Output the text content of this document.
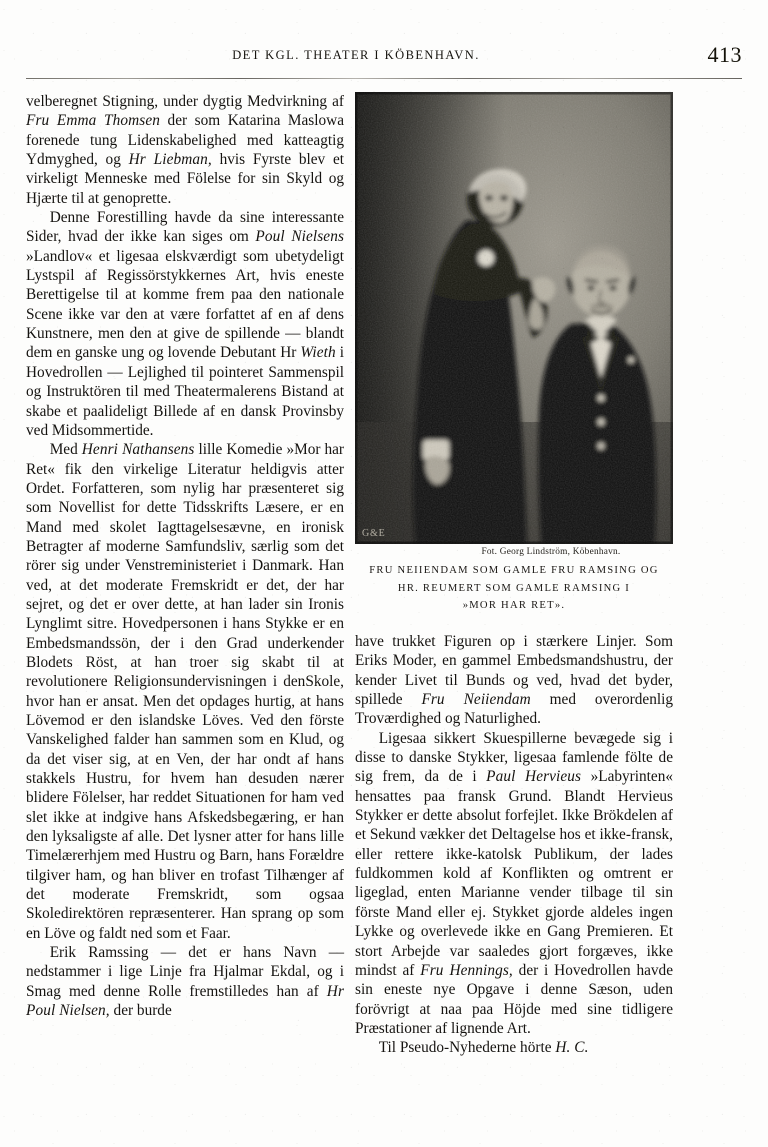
DET KGL. THEATER I KÖBENHAVN.	413

velberegnet Stigning, under dygtig Medvirkning af Fru Emma Thomsen der som Katarina Maslowa forenede tung Lidenskabelighed med katteagtig Ydmyghed, og Hr Liebman, hvis Fyrste blev et virkeligt Menneske med Fölelse for sin Skyld og Hjærte til at genoprette.

Denne Forestilling havde da sine interessante Sider, hvad der ikke kan siges om Poul Nielsens »Landlov« et ligesaa elskværdigt som ubetydeligt Lystspil af Regissörstykkernes Art, hvis eneste Berettigelse til at komme frem paa den nationale Scene ikke var den at være forfattet af en af dens Kunstnere, men den at give de spillende — blandt dem en ganske ung og lovende Debutant Hr Wieth i Hovedrollen — Lejlighed til pointeret Sammenspil og Instruktören til med Theatermalerens Bistand at skabe et paalideligt Billede af en dansk Provinsby ved Midsommertide.

Med Henri Nathansens lille Komedie »Mor har Ret« fik den virkelige Literatur heldigvis atter Ordet. Forfatteren, som nylig har præsenteret sig som Novellist for dette Tidsskrifts Læsere, er en Mand med skolet Iagttagelsesævne, en ironisk Betragter af moderne Samfundsliv, særlig som det rörer sig under Venstreministeriet i Danmark. Han ved, at det moderate Fremskridt er det, der har sejret, og det er over dette, at han lader sin Ironis Lynglimt sitre. Hovedpersonen i hans Stykke er en Embedsmandssön, der i den Grad underkender Blodets Röst, at han troer sig skabt til at revolutionere Religionsundervisningen i denSkole, hvor han er ansat. Men det opdages hurtig, at hans Lövemod er den islandske Löves. Ved den förste Vanskelighed falder han sammen som en Klud, og da det viser sig, at en Ven, der har ondt af hans stakkels Hustru, for hvem han desuden nærer blidere Fölelser, har reddet Situationen for ham ved slet ikke at indgive hans Afskedsbegæring, er han den lyksaligste af alle. Det lysner atter for hans lille Timelærerhjem med Hustru og Barn, hans Forældre tilgiver ham, og han bliver en trofast Tilhænger af det moderate Fremskridt, som ogsaa Skoledirektören repræsenterer. Han sprang op som en Löve og faldt ned som et Faar.

Erik Ramssing — det er hans Navn — nedstammer i lige Linje fra Hjalmar Ekdal, og i Smag med denne Rolle fremstilledes han af Hr Poul Nielsen, der burde

G&E
Fot. Georg Lindström, Köbenhavn.
FRU NEIIENDAM SOM GAMLE FRU RAMSING OG
HR. REUMERT SOM GAMLE RAMSING I
»MOR HAR RET».

have trukket Figuren op i stærkere Linjer. Som Eriks Moder, en gammel Embedsmandshustru, der kender Livet til Bunds og ved, hvad det byder, spillede Fru Neiiendam med overordenlig Troværdighed og Naturlighed.

Ligesaa sikkert Skuespillerne bevægede sig i disse to danske Stykker, ligesaa famlende fölte de sig frem, da de i Paul Hervieus »Labyrinten« hensattes paa fransk Grund. Blandt Hervieus Stykker er dette absolut forfejlet. Ikke Brökdelen af et Sekund vækker det Deltagelse hos et ikke-fransk, eller rettere ikke-katolsk Publikum, der lades fuldkommen kold af Konflikten og omtrent er ligeglad, enten Marianne vender tilbage til sin förste Mand eller ej. Stykket gjorde aldeles ingen Lykke og overlevede ikke en Gang Premieren. Et stort Arbejde var saaledes gjort forgæves, ikke mindst af Fru Hennings, der i Hovedrollen havde sin eneste nye Opgave i denne Sæson, uden forövrigt at naa paa Höjde med sine tidligere Præstationer af lignende Art.

Til Pseudo-Nyhederne hörte H. C.
